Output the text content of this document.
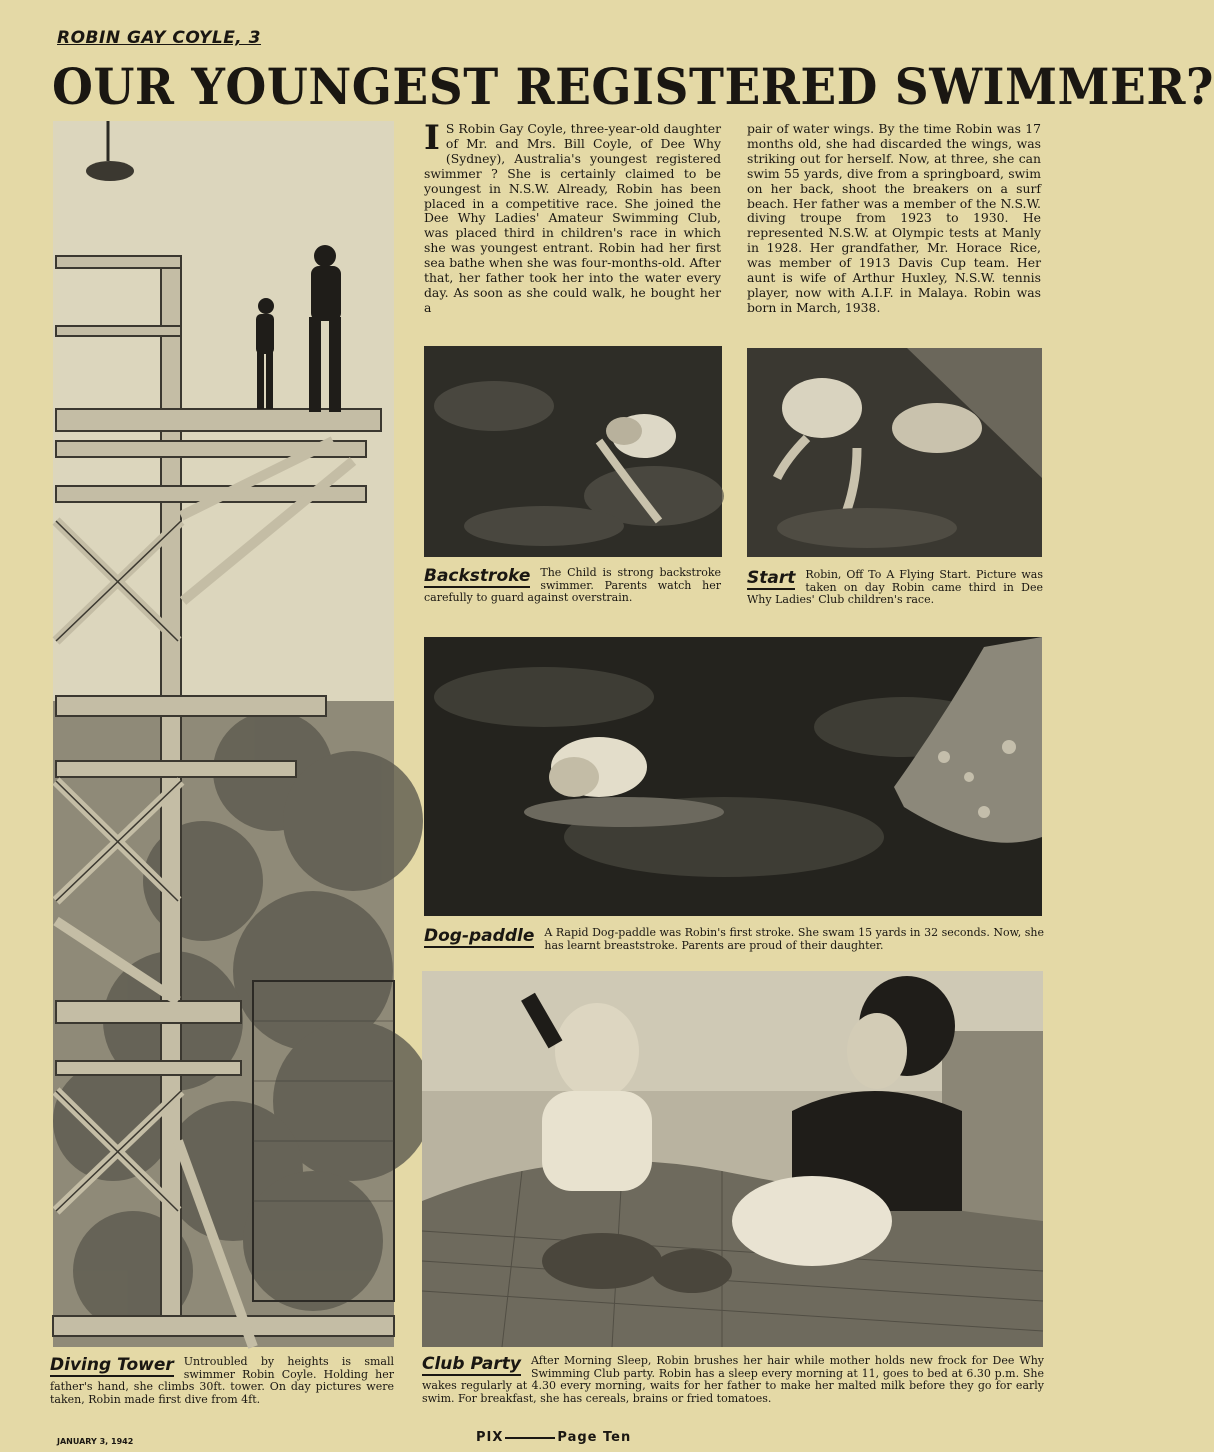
ROBIN GAY COYLE, 3
OUR YOUNGEST REGISTERED SWIMMER?
I S Robin Gay Coyle, three-year-old daughter of Mr. and Mrs. Bill Coyle, of Dee Why (Sydney), Australia's youngest registered swimmer ? She is certainly claimed to be youngest in N.S.W. Already, Robin has been placed in a competitive race. She joined the Dee Why Ladies' Amateur Swimming Club, was placed third in children's race in which she was youngest entrant. Robin had her first sea bathe when she was four-months-old. After that, her father took her into the water every day. As soon as she could walk, he bought her a
pair of water wings. By the time Robin was 17 months old, she had discarded the wings, was striking out for herself. Now, at three, she can swim 55 yards, dive from a springboard, swim on her back, shoot the breakers on a surf beach. Her father was a member of the N.S.W. diving troupe from 1923 to 1930. He represented N.S.W. at Olympic tests at Manly in 1928. Her grandfather, Mr. Horace Rice, was member of 1913 Davis Cup team. Her aunt is wife of Arthur Huxley, N.S.W. tennis player, now with A.I.F. in Malaya. Robin was born in March, 1938.
Backstroke The Child is strong backstroke swimmer. Parents watch her carefully to guard against overstrain.
Start Robin, Off To A Flying Start. Picture was taken on day Robin came third in Dee Why Ladies' Club children's race.
Dog-paddle A Rapid Dog-paddle was Robin's first stroke. She swam 15 yards in 32 seconds. Now, she has learnt breaststroke. Parents are proud of their daughter.
Diving Tower Untroubled by heights is small swimmer Robin Coyle. Holding her father's hand, she climbs 30ft. tower. On day pictures were taken, Robin made first dive from 4ft.
Club Party After Morning Sleep, Robin brushes her hair while mother holds new frock for Dee Why Swimming Club party. Robin has a sleep every morning at 11, goes to bed at 6.30 p.m. She wakes regularly at 4.30 every morning, waits for her father to make her malted milk before they go for early swim. For breakfast, she has cereals, brains or fried tomatoes.
JANUARY 3, 1942	PIX	Page Ten
